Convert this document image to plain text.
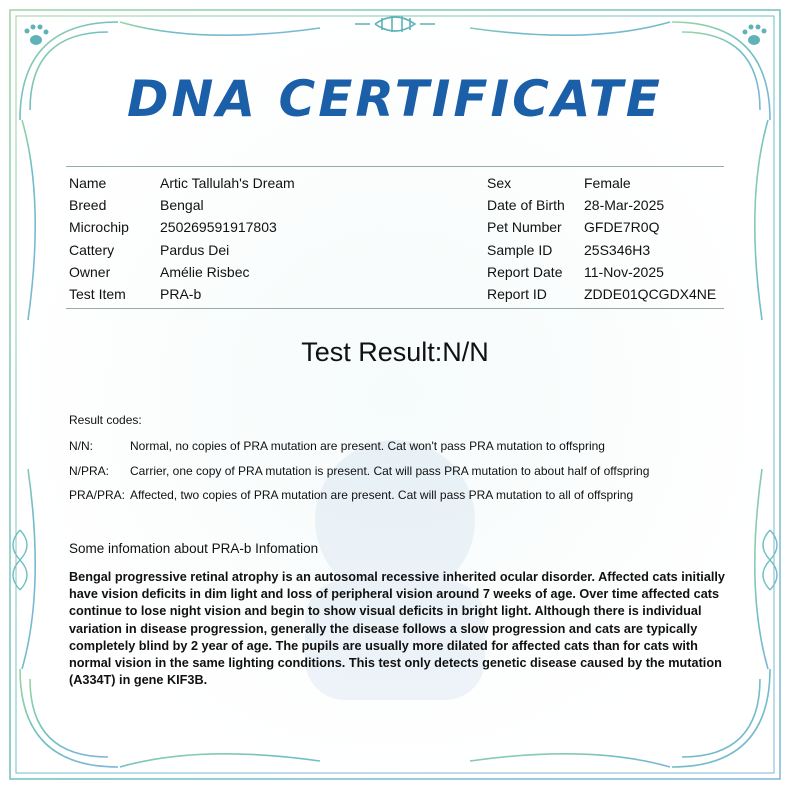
DNA CERTIFICATE
Name	Artic Tallulah's Dream
Breed	Bengal
Microchip	250269591917803
Cattery	Pardus Dei
Owner	Amélie Risbec
Test Item	PRA-b
Sex	Female
Date of Birth	28-Mar-2025
Pet Number	GFDE7R0Q
Sample ID	25S346H3
Report Date	11-Nov-2025
Report ID	ZDDE01QCGDX4NE
Test Result:N/N
Result codes:
N/N:	Normal, no copies of PRA mutation are present. Cat won't pass PRA mutation to offspring
N/PRA:	Carrier, one copy of PRA mutation is present. Cat will pass PRA mutation to about half of offspring
PRA/PRA: Affected, two copies of PRA mutation are present. Cat will pass PRA mutation to all of offspring
Some infomation about PRA-b Infomation
Bengal progressive retinal atrophy is an autosomal recessive inherited ocular disorder. Affected cats initially have vision deficits in dim light and loss of peripheral vision around 7 weeks of age. Over time affected cats continue to lose night vision and begin to show visual deficits in bright light. Although there is individual variation in disease progression, generally the disease follows a slow progression and cats are typically completely blind by 2 year of age. The pupils are usually more dilated for affected cats than for cats with normal vision in the same lighting conditions. This test only detects genetic disease caused by the mutation (A334T) in gene KIF3B.
